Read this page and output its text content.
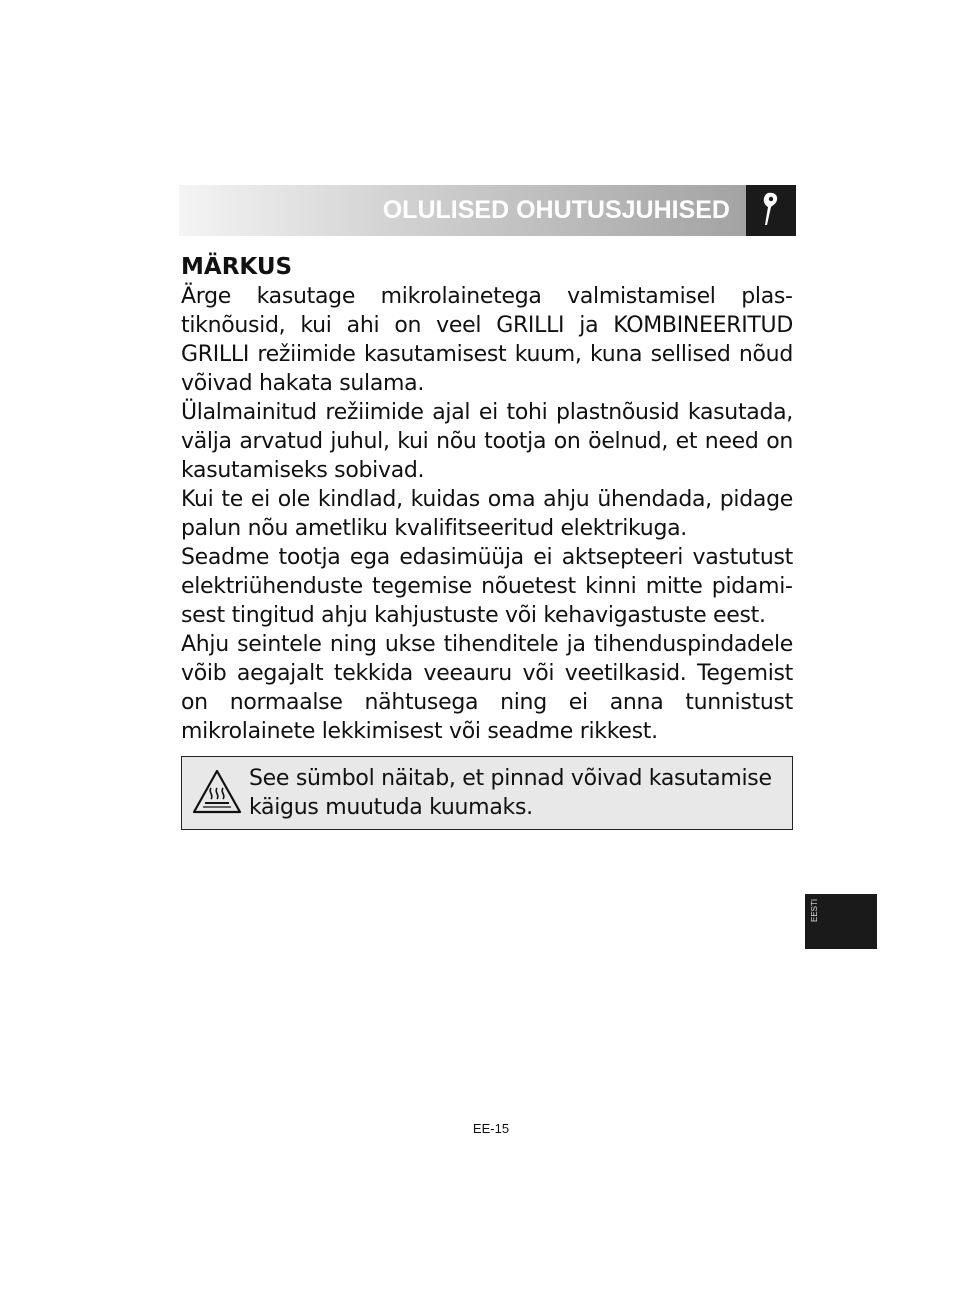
OLULISED OHUTUSJUHISED
MÄRKUS

Ärge kasutage mikrolainetega valmistamisel plastiknõusid, kui ahi on veel GRILLI ja KOMBINEERITUD GRILLI režiimide kasutamisest kuum, kuna sellised nõud võivad hakata sulama.

Ülalmainitud režiimide ajal ei tohi plastnõusid kasutada, välja arvatud juhul, kui nõu tootja on öelnud, et need on kasutamiseks sobivad.

Kui te ei ole kindlad, kuidas oma ahju ühendada, pidage palun nõu ametliku kvalifitseeritud elektrikuga.

Seadme tootja ega edasimüüja ei aktsepteeri vastutust elektriühenduste tegemise nõuetest kinni mitte pidamisest tingitud ahju kahjustuste või kehavigastuste eest.

Ahju seintele ning ukse tihenditele ja tihenduspindadele võib aegajalt tekkida veeauru või veetilkasid. Tegemist on normaalse nähtusega ning ei anna tunnistust mikrolainete lekkimisest või seadme rikkest.

See sümbol näitab, et pinnad võivad kasutamise käigus muutuda kuumaks.
EESTI
EE-15
